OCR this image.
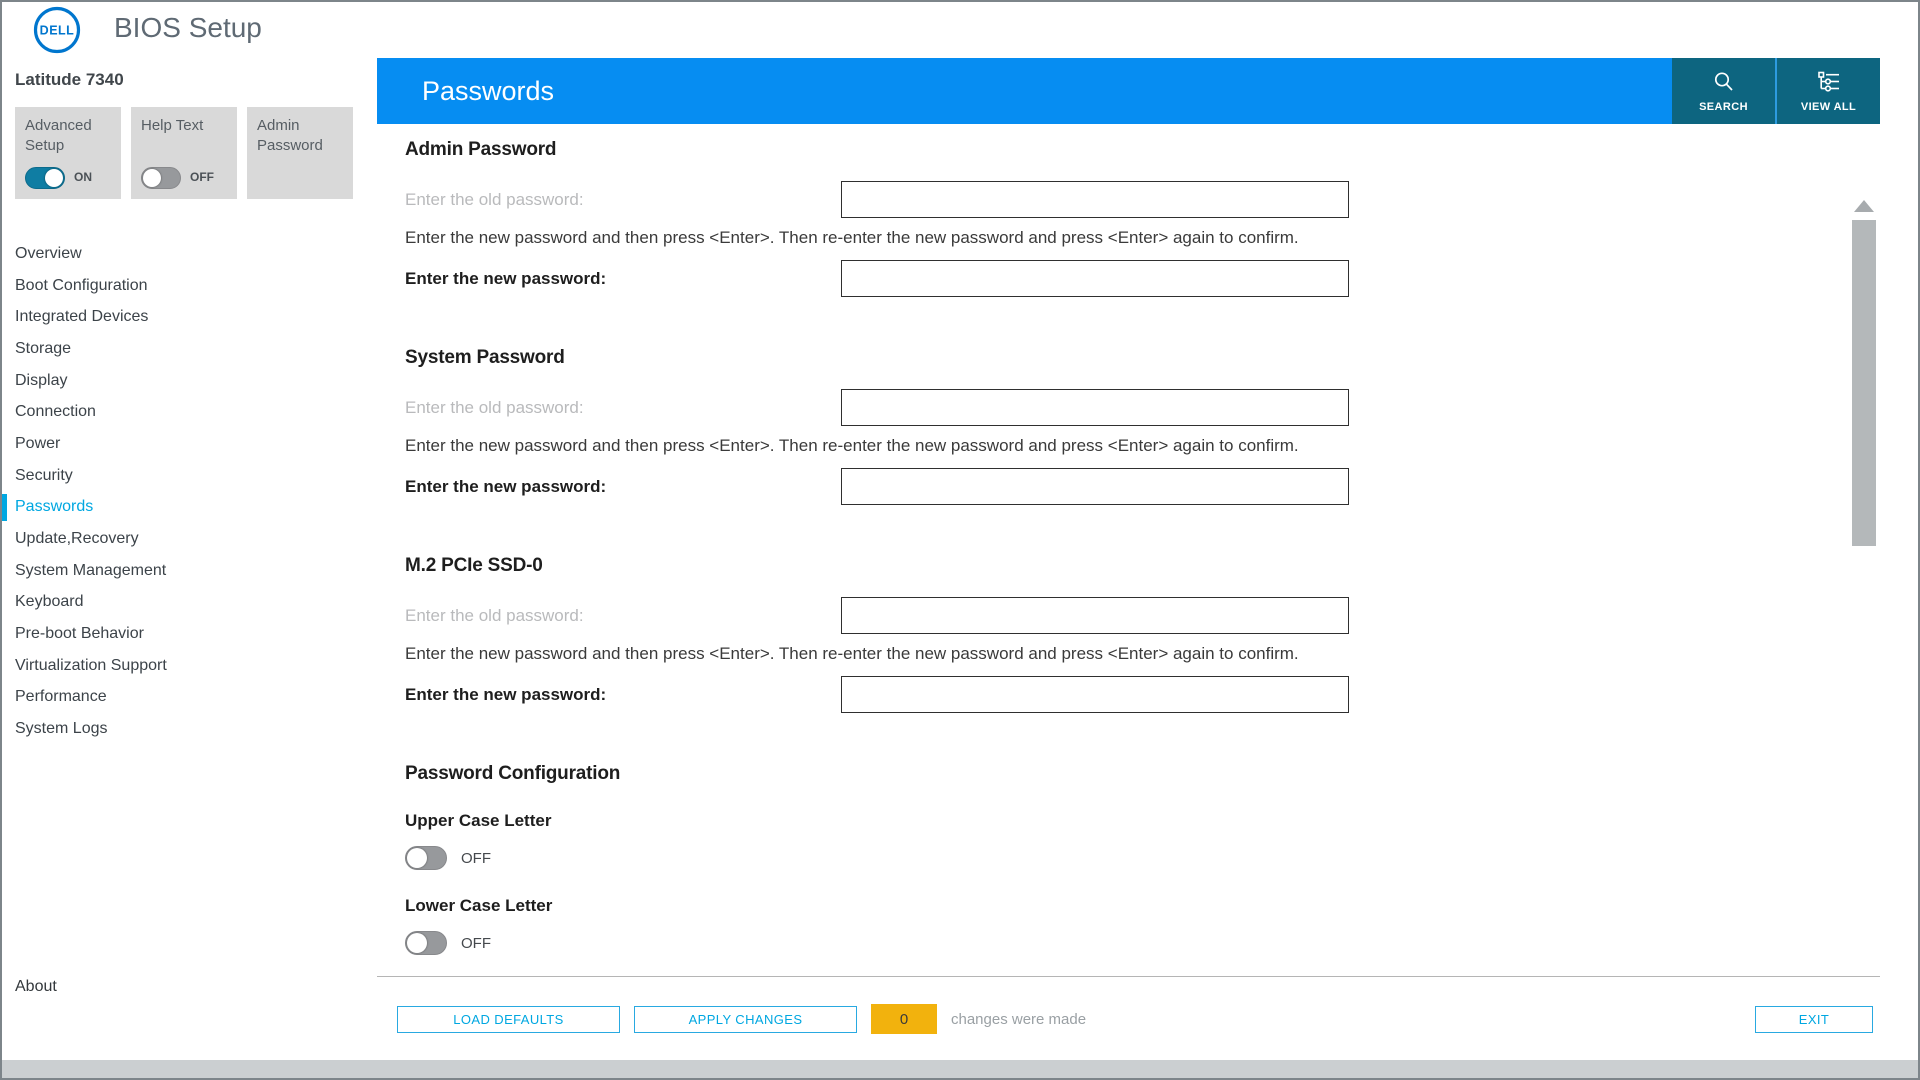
DELL BIOS Setup
Latitude 7340
Advanced Setup
ON
Help Text
OFF
Admin Password
Overview
Boot Configuration
Integrated Devices
Storage
Display
Connection
Power
Security
Passwords
Update,Recovery
System Management
Keyboard
Pre-boot Behavior
Virtualization Support
Performance
System Logs
About
Passwords
SEARCH	VIEW ALL
Admin Password
Enter the old password:
Enter the new password and then press <Enter>. Then re-enter the new password and press <Enter> again to confirm.
Enter the new password:
System Password
Enter the old password:
Enter the new password and then press <Enter>. Then re-enter the new password and press <Enter> again to confirm.
Enter the new password:
M.2 PCIe SSD-0
Enter the old password:
Enter the new password and then press <Enter>. Then re-enter the new password and press <Enter> again to confirm.
Enter the new password:
Password Configuration
Upper Case Letter
OFF
Lower Case Letter
OFF
LOAD DEFAULTS	APPLY CHANGES	0	changes were made	EXIT
